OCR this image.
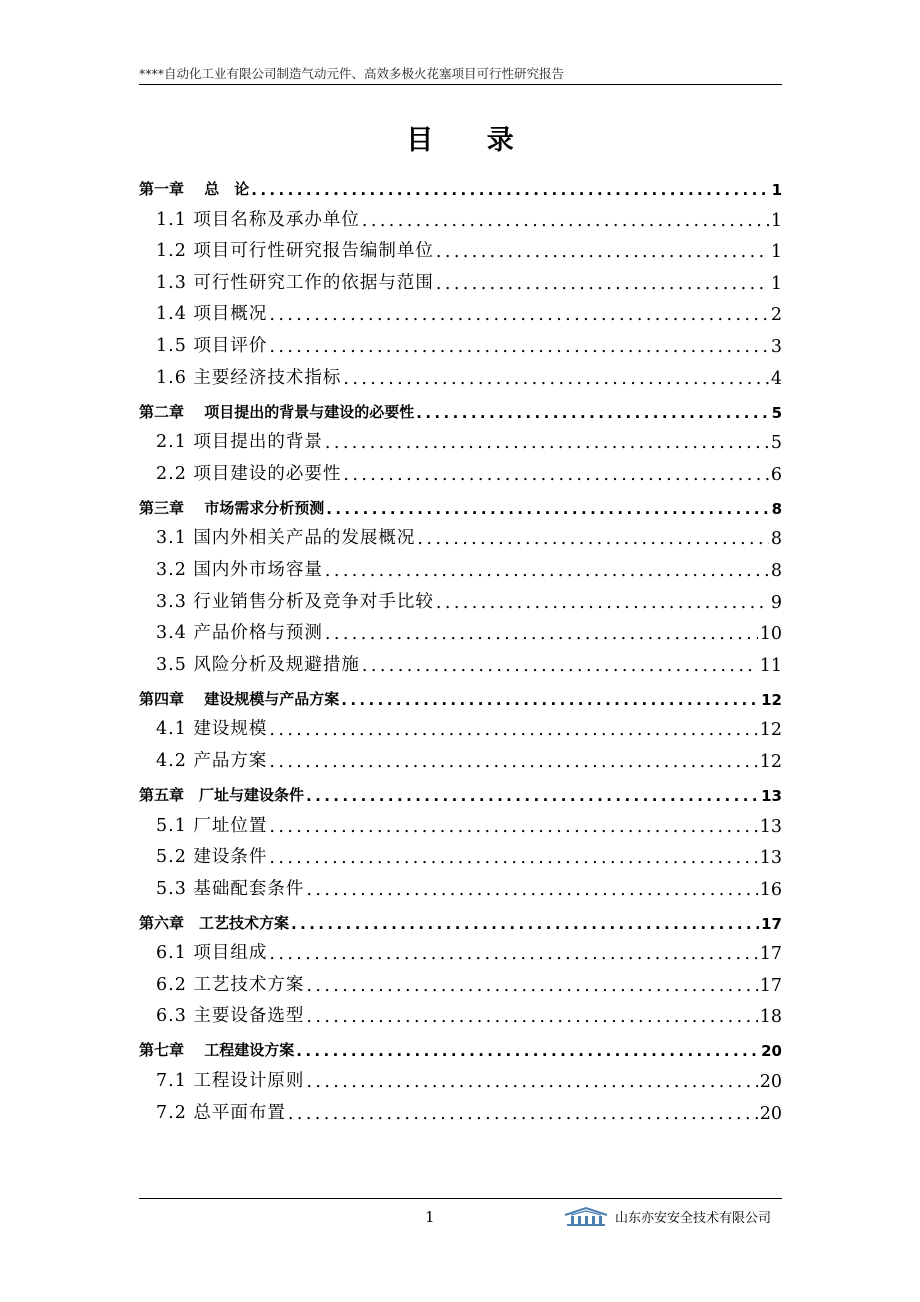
****自动化工业有限公司制造气动元件、高效多极火花塞项目可行性研究报告
目 录
第一章　 总　论 .....	1
1.1 项目名称及承办单位 .....	1
1.2 项目可行性研究报告编制单位 .....	1
1.3 可行性研究工作的依据与范围 .....	1
1.4 项目概况 .....	2
1.5 项目评价 .....	3
1.6 主要经济技术指标 .....	4
第二章　 项目提出的背景与建设的必要性 .....	5
2.1 项目提出的背景 .....	5
2.2 项目建设的必要性 .....	6
第三章　 市场需求分析预测 .....	8
3.1 国内外相关产品的发展概况 .....	8
3.2 国内外市场容量 .....	8
3.3 行业销售分析及竞争对手比较 .....	9
3.4 产品价格与预测 .....	10
3.5 风险分析及规避措施 .....	11
第四章　 建设规模与产品方案 .....	12
4.1 建设规模 .....	12
4.2 产品方案 .....	12
第五章　厂址与建设条件 .....	13
5.1 厂址位置 .....	13
5.2 建设条件 .....	13
5.3 基础配套条件 .....	16
第六章　工艺技术方案 .....	17
6.1 项目组成 .....	17
6.2 工艺技术方案 .....	17
6.3 主要设备选型 .....	18
第七章　 工程建设方案 .....	20
7.1 工程设计原则 .....	20
7.2 总平面布置 .....	20
1	山东亦安安全技术有限公司
